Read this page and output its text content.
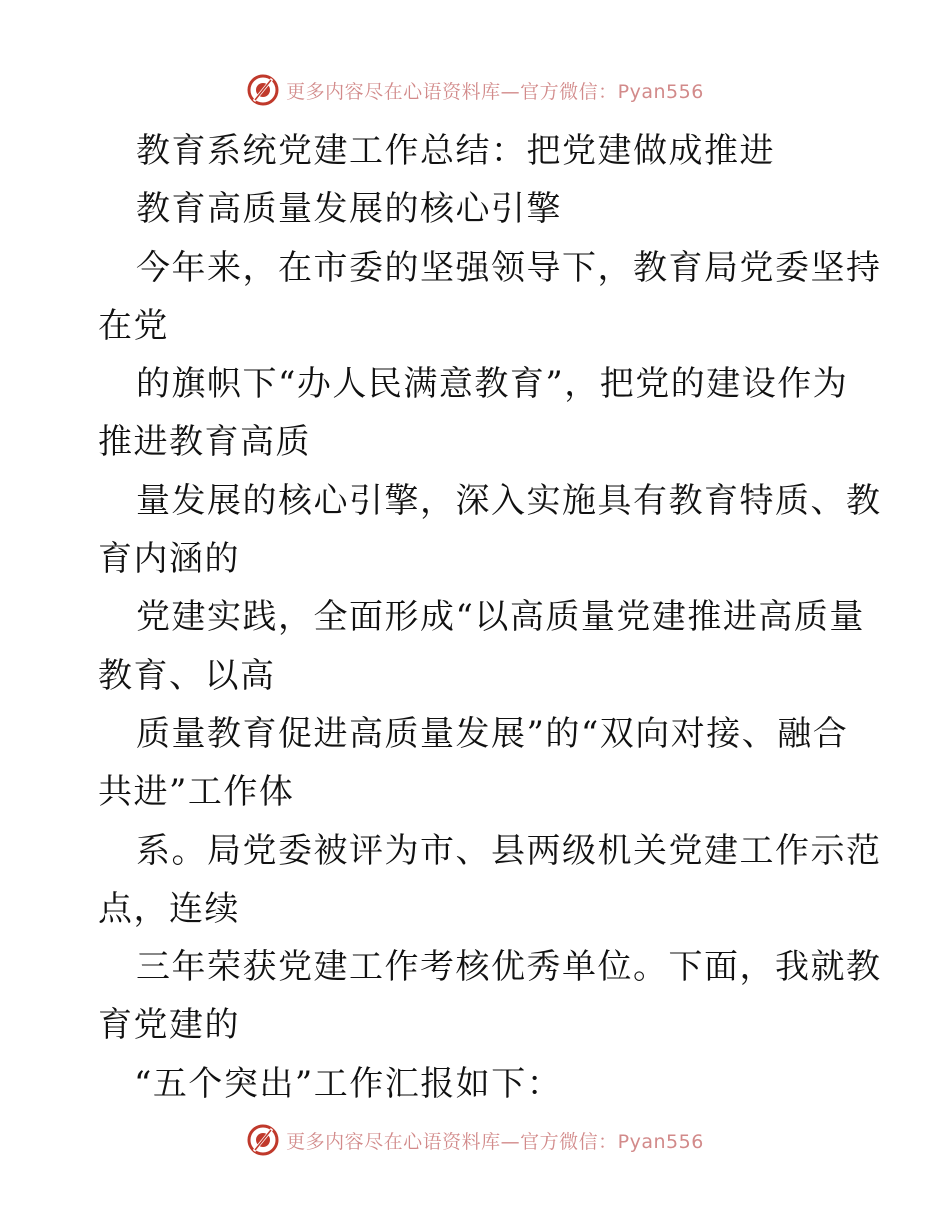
更多内容尽在心语资料库—官方微信：Pyan556
教育系统党建工作总结：把党建做成推进
教育高质量发展的核心引擎
今年来，在市委的坚强领导下，教育局党委坚持
在党
的旗帜下“办人民满意教育”，把党的建设作为
推进教育高质
量发展的核心引擎，深入实施具有教育特质、教
育内涵的
党建实践，全面形成“以高质量党建推进高质量
教育、以高
质量教育促进高质量发展”的“双向对接、融合
共进”工作体
系。局党委被评为市、县两级机关党建工作示范
点，连续
三年荣获党建工作考核优秀单位。下面，我就教
育党建的
“五个突出”工作汇报如下：
更多内容尽在心语资料库—官方微信：Pyan556
